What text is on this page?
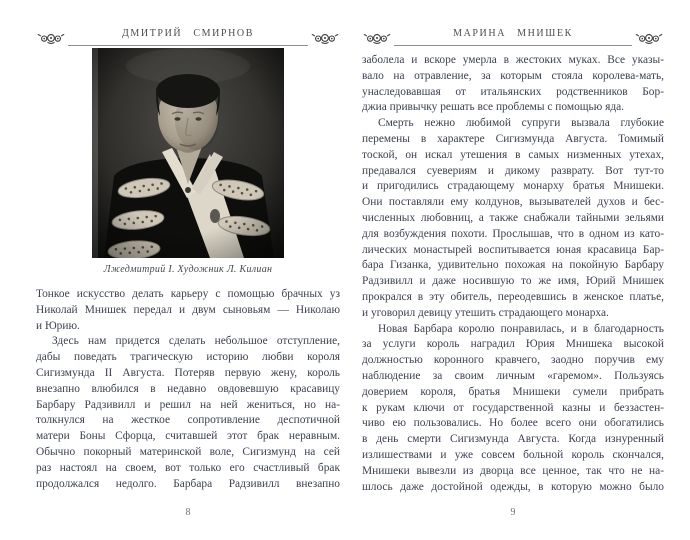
ДМИТРИЙ СМИРНОВ
Лжедмитрий I. Художник Л. Килиан
Тонкое искусство делать карьеру с помощью брачных уз
Николай Мнишек передал и двум сыновьям — Николаю
и Юрию.
Здесь нам придется сделать небольшое отступление,
дабы поведать трагическую историю любви короля
Сигизмунда II Августа. Потеряв первую жену, король
внезапно влюбился в недавно овдовевшую красавицу
Барбару Радзивилл и решил на ней жениться, но на-
толкнулся на жесткое сопротивление деспотичной
матери Боны Сфорца, считавшей этот брак неравным.
Обычно покорный материнской воле, Сигизмунд на сей
раз настоял на своем, вот только его счастливый брак
продолжался недолго. Барбара Радзивилл внезапно
8
МАРИНА МНИШЕК
заболела и вскоре умерла в жестоких муках. Все указы-
вало на отравление, за которым стояла королева-мать,
унаследовавшая от итальянских родственников Бор-
джиа привычку решать все проблемы с помощью яда.
Смерть нежно любимой супруги вызвала глубокие
перемены в характере Сигизмунда Августа. Томимый
тоской, он искал утешения в самых низменных утехах,
предавался суевериям и дикому разврату. Вот тут-то
и пригодились страдающему монарху братья Мнишеки.
Они поставляли ему колдунов, вызывателей духов и бес-
численных любовниц, а также снабжали тайными зельями
для возбуждения похоти. Прослышав, что в одном из като-
лических монастырей воспитывается юная красавица Бар-
бара Гизанка, удивительно похожая на покойную Барбару
Радзивилл и даже носившую то же имя, Юрий Мнишек
прокрался в эту обитель, переодевшись в женское платье,
и уговорил девицу утешить страдающего монарха.
Новая Барбара королю понравилась, и в благодарность
за услуги король наградил Юрия Мнишека высокой
должностью коронного кравчего, заодно поручив ему
наблюдение за своим личным «гаремом». Пользуясь
доверием короля, братья Мнишеки сумели прибрать
к рукам ключи от государственной казны и беззастен-
чиво ею пользовались. Но более всего они обогатились
в день смерти Сигизмунда Августа. Когда изнуренный
излишествами и уже совсем больной король скончался,
Мнишеки вывезли из дворца все ценное, так что не на-
шлось даже достойной одежды, в которую можно было
9
